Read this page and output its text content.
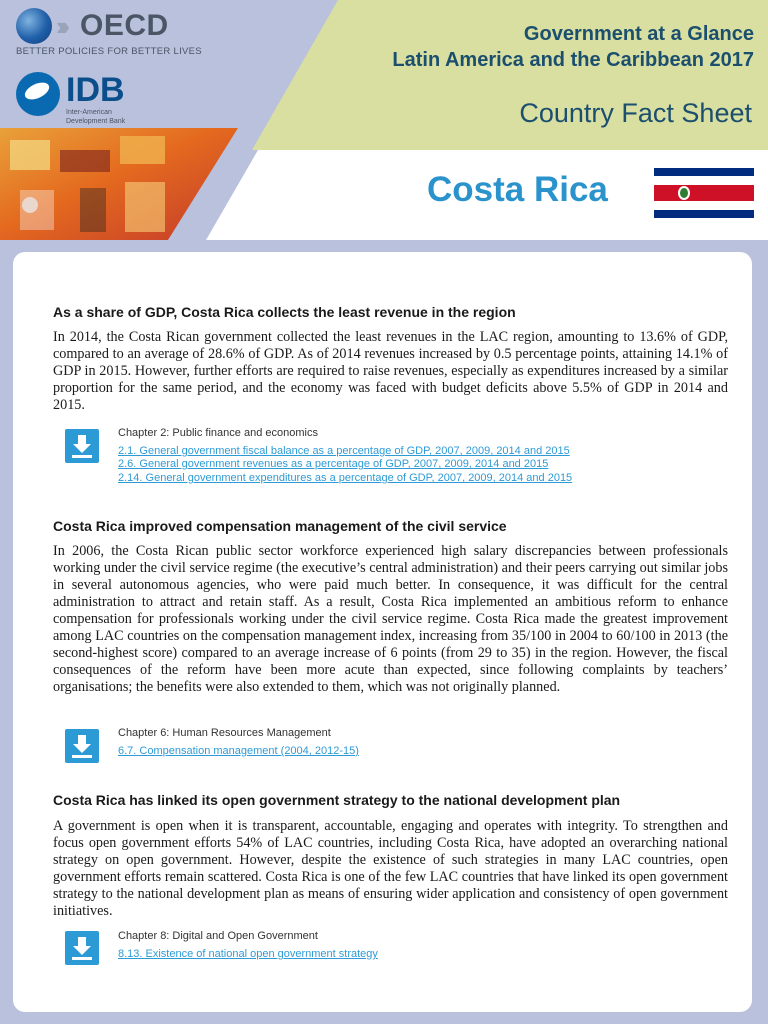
››› OECD
BETTER POLICIES FOR BETTER LIVES
IDB
Inter-American
Development Bank
Government at a Glance
Latin America and the Caribbean 2017
Country Fact Sheet
Costa Rica
As a share of GDP, Costa Rica collects the least revenue in the region
In 2014, the Costa Rican government collected the least revenues in the LAC region, amounting to 13.6% of GDP, compared to an average of 28.6% of GDP. As of 2014 revenues increased by 0.5 percentage points, attaining 14.1% of GDP in 2015. However, further efforts are required to raise revenues, especially as expenditures increased by a similar proportion for the same period, and the economy was faced with budget deficits above 5.5% of GDP in 2014 and 2015.
Chapter 2: Public finance and economics
2.1. General government fiscal balance as a percentage of GDP, 2007, 2009, 2014 and 2015
2.6. General government revenues as a percentage of GDP, 2007, 2009, 2014 and 2015
2.14. General government expenditures as a percentage of GDP, 2007, 2009, 2014 and 2015
Costa Rica improved compensation management of the civil service
In 2006, the Costa Rican public sector workforce experienced high salary discrepancies between professionals working under the civil service regime (the executive’s central administration) and their peers carrying out similar jobs in several autonomous agencies, who were paid much better. In consequence, it was difficult for the central administration to attract and retain staff. As a result, Costa Rica implemented an ambitious reform to enhance compensation for professionals working under the civil service regime. Costa Rica made the greatest improvement among LAC countries on the compensation management index, increasing from 35/100 in 2004 to 60/100 in 2013 (the second-highest score) compared to an average increase of 6 points (from 29 to 35) in the region. However, the fiscal consequences of the reform have been more acute than expected, since following complaints by teachers’ organisations; the benefits were also extended to them, which was not originally planned.
Chapter 6: Human Resources Management
6.7. Compensation management (2004, 2012-15)
Costa Rica has linked its open government strategy to the national development plan
A government is open when it is transparent, accountable, engaging and operates with integrity. To strengthen and focus open government efforts 54% of LAC countries, including Costa Rica, have adopted an overarching national strategy on open government. However, despite the existence of such strategies in many LAC countries, open government efforts remain scattered. Costa Rica is one of the few LAC countries that have linked its open government strategy to the national development plan as means of ensuring wider application and consistency of open government initiatives.
Chapter 8: Digital and Open Government
8.13. Existence of national open government strategy
